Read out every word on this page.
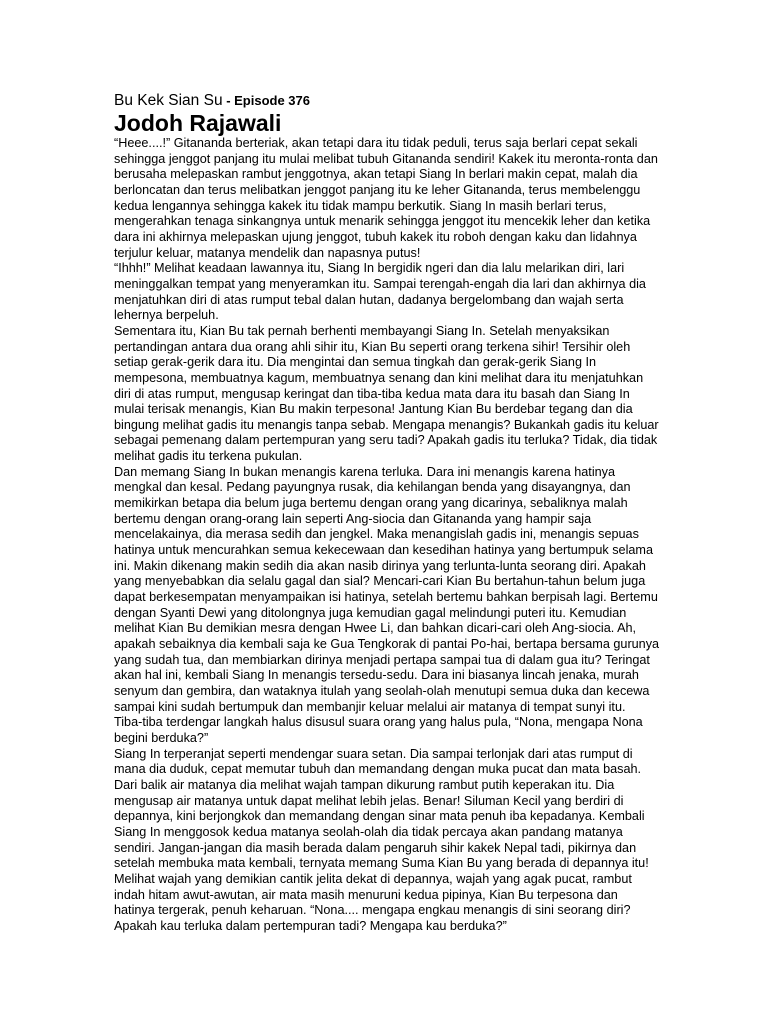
Bu Kek Sian Su - Episode 376
Jodoh Rajawali

“Heee....!” Gitananda berteriak, akan tetapi dara itu tidak peduli, terus saja berlari cepat sekali sehingga jenggot panjang itu mulai melibat tubuh Gitananda sendiri! Kakek itu meronta-ronta dan berusaha melepaskan rambut jenggotnya, akan tetapi Siang In berlari makin cepat, malah dia berloncatan dan terus melibatkan jenggot panjang itu ke leher Gitananda, terus membelenggu kedua lengannya sehingga kakek itu tidak mampu berkutik. Siang In masih berlari terus, mengerahkan tenaga sinkangnya untuk menarik sehingga jenggot itu mencekik leher dan ketika dara ini akhirnya melepaskan ujung jenggot, tubuh kakek itu roboh dengan kaku dan lidahnya terjulur keluar, matanya mendelik dan napasnya putus!

“Ihhh!” Melihat keadaan lawannya itu, Siang In bergidik ngeri dan dia lalu melarikan diri, lari meninggalkan tempat yang menyeramkan itu. Sampai terengah-engah dia lari dan akhirnya dia menjatuhkan diri di atas rumput tebal dalan hutan, dadanya bergelombang dan wajah serta lehernya berpeluh.

Sementara itu, Kian Bu tak pernah berhenti membayangi Siang In. Setelah menyaksikan pertandingan antara dua orang ahli sihir itu, Kian Bu seperti orang terkena sihir! Tersihir oleh setiap gerak-gerik dara itu. Dia mengintai dan semua tingkah dan gerak-gerik Siang In mempesona, membuatnya kagum, membuatnya senang dan kini melihat dara itu menjatuhkan diri di atas rumput, mengusap keringat dan tiba-tiba kedua mata dara itu basah dan Siang In mulai terisak menangis, Kian Bu makin terpesona! Jantung Kian Bu berdebar tegang dan dia bingung melihat gadis itu menangis tanpa sebab. Mengapa menangis? Bukankah gadis itu keluar sebagai pemenang dalam pertempuran yang seru tadi? Apakah gadis itu terluka? Tidak, dia tidak melihat gadis itu terkena pukulan.

Dan memang Siang In bukan menangis karena terluka. Dara ini menangis karena hatinya mengkal dan kesal. Pedang payungnya rusak, dia kehilangan benda yang disayangnya, dan memikirkan betapa dia belum juga bertemu dengan orang yang dicarinya, sebaliknya malah bertemu dengan orang-orang lain seperti Ang-siocia dan Gitananda yang hampir saja mencelakainya, dia merasa sedih dan jengkel. Maka menangislah gadis ini, menangis sepuas hatinya untuk mencurahkan semua kekecewaan dan kesedihan hatinya yang bertumpuk selama ini. Makin dikenang makin sedih dia akan nasib dirinya yang terlunta-lunta seorang diri. Apakah yang menyebabkan dia selalu gagal dan sial? Mencari-cari Kian Bu bertahun-tahun belum juga dapat berkesempatan menyampaikan isi hatinya, setelah bertemu bahkan berpisah lagi. Bertemu dengan Syanti Dewi yang ditolongnya juga kemudian gagal melindungi puteri itu. Kemudian melihat Kian Bu demikian mesra dengan Hwee Li, dan bahkan dicari-cari oleh Ang-siocia. Ah, apakah sebaiknya dia kembali saja ke Gua Tengkorak di pantai Po-hai, bertapa bersama gurunya yang sudah tua, dan membiarkan dirinya menjadi pertapa sampai tua di dalam gua itu? Teringat akan hal ini, kembali Siang In menangis tersedu-sedu. Dara ini biasanya lincah jenaka, murah senyum dan gembira, dan wataknya itulah yang seolah-olah menutupi semua duka dan kecewa sampai kini sudah bertumpuk dan membanjir keluar melalui air matanya di tempat sunyi itu.

Tiba-tiba terdengar langkah halus disusul suara orang yang halus pula, “Nona, mengapa Nona begini berduka?”

Siang In terperanjat seperti mendengar suara setan. Dia sampai terlonjak dari atas rumput di mana dia duduk, cepat memutar tubuh dan memandang dengan muka pucat dan mata basah. Dari balik air matanya dia melihat wajah tampan dikurung rambut putih keperakan itu. Dia mengusap air matanya untuk dapat melihat lebih jelas. Benar! Siluman Kecil yang berdiri di depannya, kini berjongkok dan memandang dengan sinar mata penuh iba kepadanya. Kembali Siang In menggosok kedua matanya seolah-olah dia tidak percaya akan pandang matanya sendiri. Jangan-jangan dia masih berada dalam pengaruh sihir kakek Nepal tadi, pikirnya dan setelah membuka mata kembali, ternyata memang Suma Kian Bu yang berada di depannya itu! Melihat wajah yang demikian cantik jelita dekat di depannya, wajah yang agak pucat, rambut indah hitam awut-awutan, air mata masih menuruni kedua pipinya, Kian Bu terpesona dan hatinya tergerak, penuh keharuan. “Nona.... mengapa engkau menangis di sini seorang diri? Apakah kau terluka dalam pertempuran tadi? Mengapa kau berduka?”
